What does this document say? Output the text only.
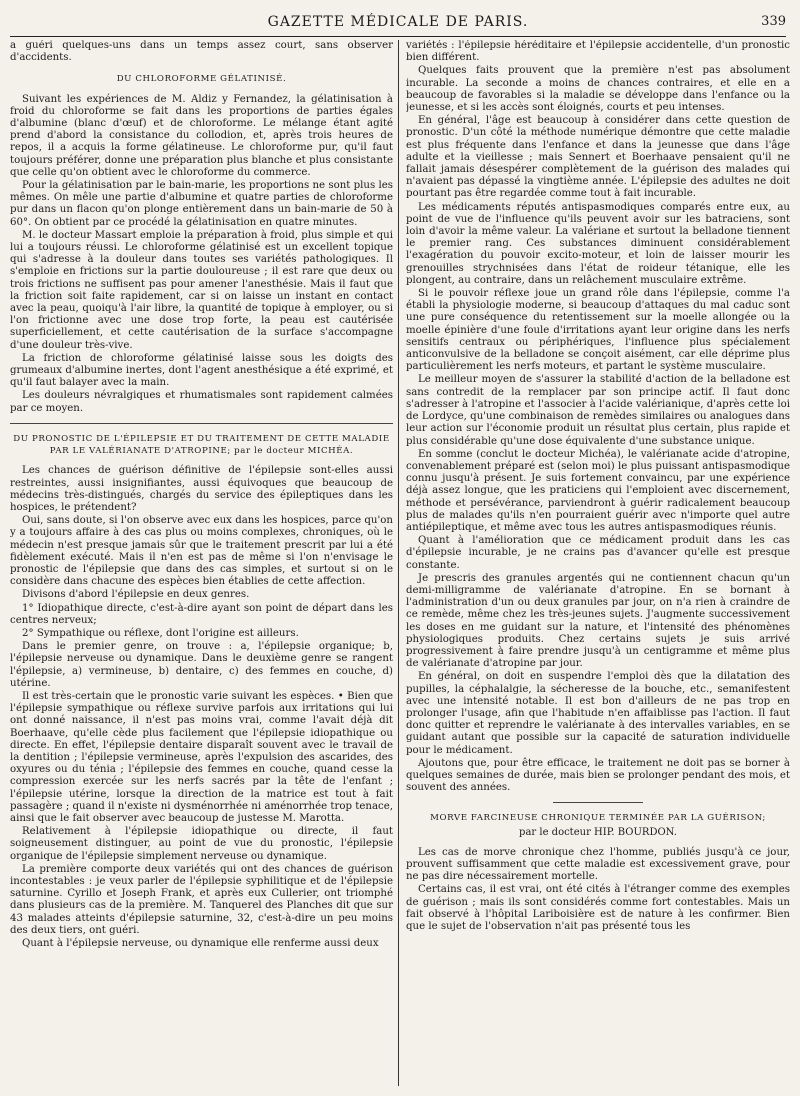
GAZETTE MÉDICALE DE PARIS.	339

a guéri quelques-uns dans un temps assez court, sans observer d'accidents.

DU CHLOROFORME GÉLATINISÉ.

Suivant les expériences de M. Aldiz y Fernandez, la gélatinisation à froid du chloroforme se fait dans les proportions de parties égales d'albumine (blanc d'œuf) et de chloroforme. Le mélange étant agité prend d'abord la consistance du collodion, et, après trois heures de repos, il a acquis la forme gélatineuse. Le chloroforme pur, qu'il faut toujours préférer, donne une préparation plus blanche et plus consistante que celle qu'on obtient avec le chloroforme du commerce.

Pour la gélatinisation par le bain-marie, les proportions ne sont plus les mêmes. On mêle une partie d'albumine et quatre parties de chloroforme pur dans un flacon qu'on plonge entièrement dans un bain-marie de 50 à 60°. On obtient par ce procédé la gélatinisation en quatre minutes.

M. le docteur Massart emploie la préparation à froid, plus simple et qui lui a toujours réussi. Le chloroforme gélatinisé est un excellent topique qui s'adresse à la douleur dans toutes ses variétés pathologiques. Il s'emploie en frictions sur la partie douloureuse ; il est rare que deux ou trois frictions ne suffisent pas pour amener l'anesthésie. Mais il faut que la friction soit faite rapidement, car si on laisse un instant en contact avec la peau, quoiqu'à l'air libre, la quantité de topique à employer, ou si l'on frictionne avec une dose trop forte, la peau est cautérisée superficiellement, et cette cautérisation de la surface s'accompagne d'une douleur très-vive.

La friction de chloroforme gélatinisé laisse sous les doigts des grumeaux d'albumine inertes, dont l'agent anesthésique a été exprimé, et qu'il faut balayer avec la main.

Les douleurs névralgiques et rhumatismales sont rapidement calmées par ce moyen.

DU PRONOSTIC DE L'ÉPILEPSIE ET DU TRAITEMENT DE CETTE MALADIE PAR LE VALÉRIANATE D'ATROPINE; par le docteur MICHÉA.

Les chances de guérison définitive de l'épilepsie sont-elles aussi restreintes, aussi insignifiantes, aussi équivoques que beaucoup de médecins très-distingués, chargés du service des épileptiques dans les hospices, le prétendent?

Oui, sans doute, si l'on observe avec eux dans les hospices, parce qu'on y a toujours affaire à des cas plus ou moins complexes, chroniques, où le médecin n'est presque jamais sûr que le traitement prescrit par lui a été fidèlement exécuté. Mais il n'en est pas de même si l'on n'envisage le pronostic de l'épilepsie que dans des cas simples, et surtout si on le considère dans chacune des espèces bien établies de cette affection.

Divisons d'abord l'épilepsie en deux genres.

1° Idiopathique directe, c'est-à-dire ayant son point de départ dans les centres nerveux;

2° Sympathique ou réflexe, dont l'origine est ailleurs.

Dans le premier genre, on trouve : a, l'épilepsie organique; b, l'épilepsie nerveuse ou dynamique. Dans le deuxième genre se rangent l'épilepsie, a) vermineuse, b) dentaire, c) des femmes en couche, d) utérine.

Il est très-certain que le pronostic varie suivant les espèces. • Bien que l'épilepsie sympathique ou réflexe survive parfois aux irritations qui lui ont donné naissance, il n'est pas moins vrai, comme l'avait déjà dit Boerhaave, qu'elle cède plus facilement que l'épilepsie idiopathique ou directe. En effet, l'épilepsie dentaire disparaît souvent avec le travail de la dentition ; l'épilepsie vermineuse, après l'expulsion des ascarides, des oxyures ou du ténia ; l'épilepsie des femmes en couche, quand cesse la compression exercée sur les nerfs sacrés par la tête de l'enfant ; l'épilepsie utérine, lorsque la direction de la matrice est tout à fait passagère ; quand il n'existe ni dysménorrhée ni aménorrhée trop tenace, ainsi que le fait observer avec beaucoup de justesse M. Marotta.

Relativement à l'épilepsie idiopathique ou directe, il faut soigneusement distinguer, au point de vue du pronostic, l'épilepsie organique de l'épilepsie simplement nerveuse ou dynamique.

La première comporte deux variétés qui ont des chances de guérison incontestables : je veux parler de l'épilepsie syphilitique et de l'épilepsie saturnine. Cyrillo et Joseph Frank, et après eux Cullerier, ont triomphé dans plusieurs cas de la première. M. Tanquerel des Planches dit que sur 43 malades atteints d'épilepsie saturnine, 32, c'est-à-dire un peu moins des deux tiers, ont guéri.

Quant à l'épilepsie nerveuse, ou dynamique elle renferme aussi deux

variétés : l'épilepsie héréditaire et l'épilepsie accidentelle, d'un pronostic bien différent.

Quelques faits prouvent que la première n'est pas absolument incurable. La seconde a moins de chances contraires, et elle en a beaucoup de favorables si la maladie se développe dans l'enfance ou la jeunesse, et si les accès sont éloignés, courts et peu intenses.

En général, l'âge est beaucoup à considérer dans cette question de pronostic. D'un côté la méthode numérique démontre que cette maladie est plus fréquente dans l'enfance et dans la jeunesse que dans l'âge adulte et la vieillesse ; mais Sennert et Boerhaave pensaient qu'il ne fallait jamais désespérer complètement de la guérison des malades qui n'avaient pas dépassé la vingtième année. L'épilepsie des adultes ne doit pourtant pas être regardée comme tout à fait incurable.

Les médicaments réputés antispasmodiques comparés entre eux, au point de vue de l'influence qu'ils peuvent avoir sur les batraciens, sont loin d'avoir la même valeur. La valériane et surtout la belladone tiennent le premier rang. Ces substances diminuent considérablement l'exagération du pouvoir excito-moteur, et loin de laisser mourir les grenouilles strychnisées dans l'état de roideur tétanique, elle les plongent, au contraire, dans un relâchement musculaire extrême.

Si le pouvoir réflexe joue un grand rôle dans l'épilepsie, comme l'a établi la physiologie moderne, si beaucoup d'attaques du mal caduc sont une pure conséquence du retentissement sur la moelle allongée ou la moelle épinière d'une foule d'irritations ayant leur origine dans les nerfs sensitifs centraux ou périphériques, l'influence plus spécialement anticonvulsive de la belladone se conçoit aisément, car elle déprime plus particulièrement les nerfs moteurs, et partant le système musculaire.

Le meilleur moyen de s'assurer la stabilité d'action de la belladone est sans contredit de la remplacer par son principe actif. Il faut donc s'adresser à l'atropine et l'associer à l'acide valérianique, d'après cette loi de Lordyce, qu'une combinaison de remèdes similaires ou analogues dans leur action sur l'économie produit un résultat plus certain, plus rapide et plus considérable qu'une dose équivalente d'une substance unique.

En somme (conclut le docteur Michéa), le valérianate acide d'atropine, convenablement préparé est (selon moi) le plus puissant antispasmodique connu jusqu'à présent. Je suis fortement convaincu, par une expérience déjà assez longue, que les praticiens qui l'emploient avec discernement, méthode et persévérance, parviendront à guérir radicalement beaucoup plus de malades qu'ils n'en pourraient guérir avec n'importe quel autre antiépileptique, et même avec tous les autres antispasmodiques réunis.

Quant à l'amélioration que ce médicament produit dans les cas d'épilepsie incurable, je ne crains pas d'avancer qu'elle est presque constante.

Je prescris des granules argentés qui ne contiennent chacun qu'un demi-milligramme de valérianate d'atropine. En se bornant à l'administration d'un ou deux granules par jour, on n'a rien à craindre de ce remède, même chez les très-jeunes sujets. J'augmente successivement les doses en me guidant sur la nature, et l'intensité des phénomènes physiologiques produits. Chez certains sujets je suis arrivé progressivement à faire prendre jusqu'à un centigramme et même plus de valérianate d'atropine par jour.

En général, on doit en suspendre l'emploi dès que la dilatation des pupilles, la céphalalgie, la sécheresse de la bouche, etc., semanifestent avec une intensité notable. Il est bon d'ailleurs de ne pas trop en prolonger l'usage, afin que l'habitude n'en affaiblisse pas l'action. Il faut donc quitter et reprendre le valérianate à des intervalles variables, en se guidant autant que possible sur la capacité de saturation individuelle pour le médicament.

Ajoutons que, pour être efficace, le traitement ne doit pas se borner à quelques semaines de durée, mais bien se prolonger pendant des mois, et souvent des années.

MORVE FARCINEUSE CHRONIQUE TERMINÉE PAR LA GUÉRISON;
par le docteur HIP. BOURDON.

Les cas de morve chronique chez l'homme, publiés jusqu'à ce jour, prouvent suffisamment que cette maladie est excessivement grave, pour ne pas dire nécessairement mortelle.

Certains cas, il est vrai, ont été cités à l'étranger comme des exemples de guérison ; mais ils sont considérés comme fort contestables. Mais un fait observé à l'hôpital Lariboisière est de nature à les confirmer. Bien que le sujet de l'observation n'ait pas présenté tous les
